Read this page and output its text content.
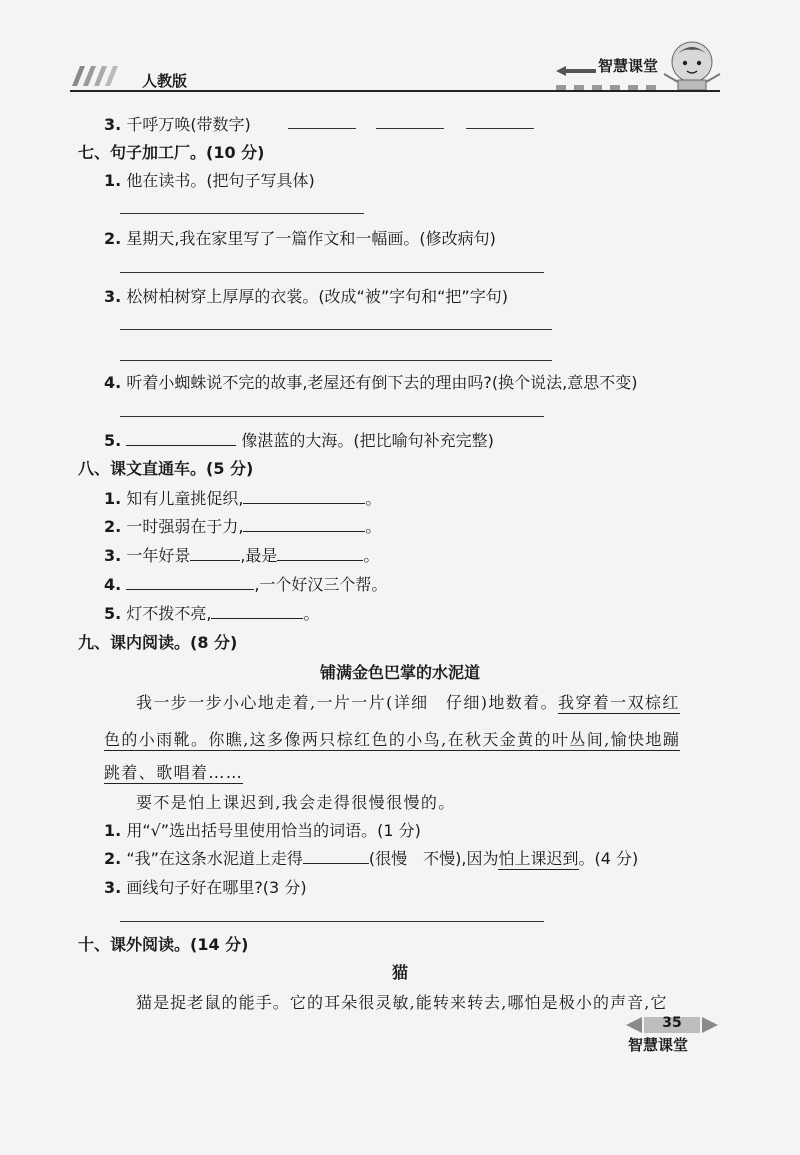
人教版
智慧课堂
3. 千呼万唤(带数字)
七、句子加工厂。(10 分)
1. 他在读书。(把句子写具体)
2. 星期天,我在家里写了一篇作文和一幅画。(修改病句)
3. 松树柏树穿上厚厚的衣裳。(改成“被”字句和“把”字句)
4. 听着小蜘蛛说不完的故事,老屋还有倒下去的理由吗?(换个说法,意思不变)
5.	像湛蓝的大海。(把比喻句补充完整)
八、课文直通车。(5 分)
1. 知有儿童挑促织,	。
2. 一时强弱在于力,	。
3. 一年好景	,最是	。
4.	,一个好汉三个帮。
5. 灯不拨不亮,	。
九、课内阅读。(8 分)
铺满金色巴掌的水泥道
我一步一步小心地走着,一片一片(详细　仔细)地数着。我穿着一双棕红
色的小雨靴。你瞧,这多像两只棕红色的小鸟,在秋天金黄的叶丛间,愉快地蹦
跳着、歌唱着……
要不是怕上课迟到,我会走得很慢很慢的。
1. 用“√”选出括号里使用恰当的词语。(1 分)
2. “我”在这条水泥道上走得	(很慢　不慢),因为怕上课迟到。(4 分)
3. 画线句子好在哪里?(3 分)
十、课外阅读。(14 分)
猫
猫是捉老鼠的能手。它的耳朵很灵敏,能转来转去,哪怕是极小的声音,它
35
智慧课堂
